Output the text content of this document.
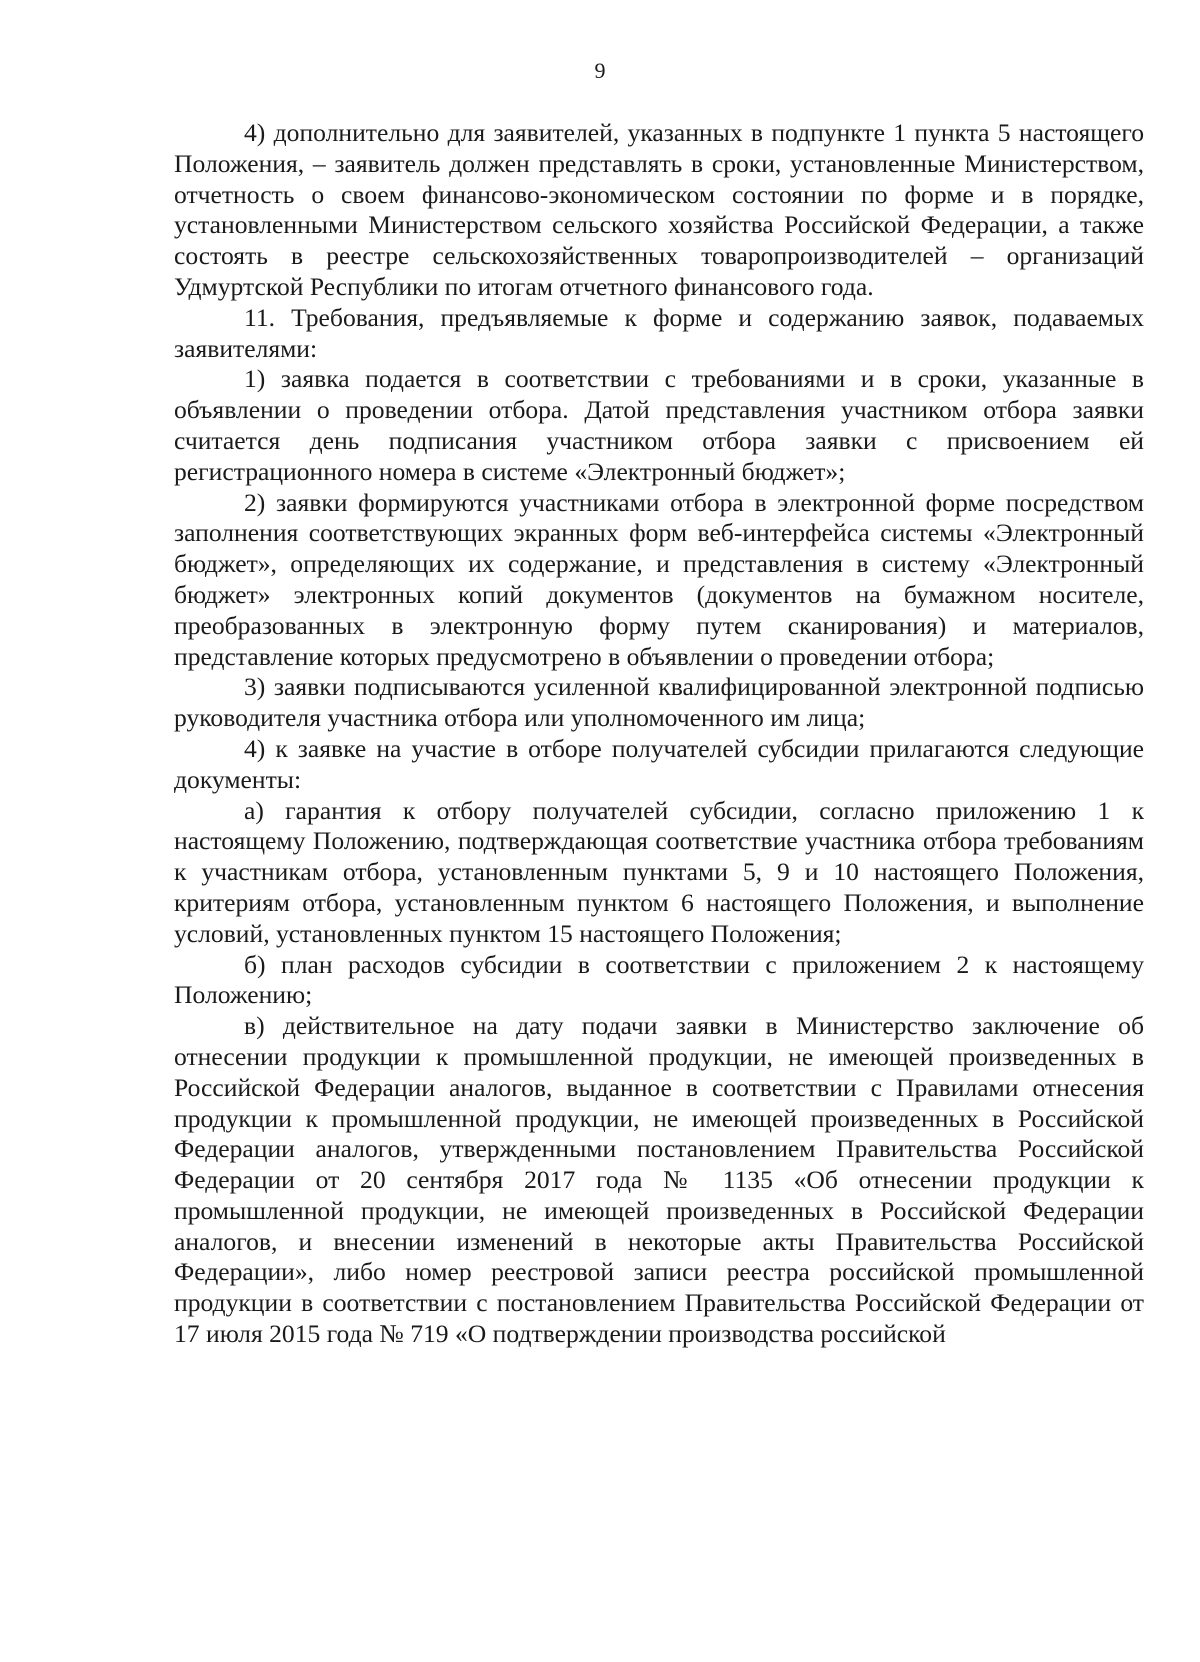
9

4) дополнительно для заявителей, указанных в подпункте 1 пункта 5 настоящего Положения, – заявитель должен представлять в сроки, установленные Министерством, отчетность о своем финансово-экономическом состоянии по форме и в порядке, установленными Министерством сельского хозяйства Российской Федерации, а также состоять в реестре сельскохозяйственных товаропроизводителей – организаций Удмуртской Республики по итогам отчетного финансового года.

11. Требования, предъявляемые к форме и содержанию заявок, подаваемых заявителями:

1) заявка подается в соответствии с требованиями и в сроки, указанные в объявлении о проведении отбора. Датой представления участником отбора заявки считается день подписания участником отбора заявки с присвоением ей регистрационного номера в системе «Электронный бюджет»;

2) заявки формируются участниками отбора в электронной форме посредством заполнения соответствующих экранных форм веб-интерфейса системы «Электронный бюджет», определяющих их содержание, и представления в систему «Электронный бюджет» электронных копий документов (документов на бумажном носителе, преобразованных в электронную форму путем сканирования) и материалов, представление которых предусмотрено в объявлении о проведении отбора;

3) заявки подписываются усиленной квалифицированной электронной подписью руководителя участника отбора или уполномоченного им лица;

4) к заявке на участие в отборе получателей субсидии прилагаются следующие документы:

а) гарантия к отбору получателей субсидии, согласно приложению 1 к настоящему Положению, подтверждающая соответствие участника отбора требованиям к участникам отбора, установленным пунктами 5, 9 и 10 настоящего Положения, критериям отбора, установленным пунктом 6 настоящего Положения, и выполнение условий, установленных пунктом 15 настоящего Положения;

б) план расходов субсидии в соответствии с приложением 2 к настоящему Положению;

в) действительное на дату подачи заявки в Министерство заключение об отнесении продукции к промышленной продукции, не имеющей произведенных в Российской Федерации аналогов, выданное в соответствии с Правилами отнесения продукции к промышленной продукции, не имеющей произведенных в Российской Федерации аналогов, утвержденными постановлением Правительства Российской Федерации от 20 сентября 2017 года № 1135 «Об отнесении продукции к промышленной продукции, не имеющей произведенных в Российской Федерации аналогов, и внесении изменений в некоторые акты Правительства Российской Федерации», либо номер реестровой записи реестра российской промышленной продукции в соответствии с постановлением Правительства Российской Федерации от 17 июля 2015 года № 719 «О подтверждении производства российской
